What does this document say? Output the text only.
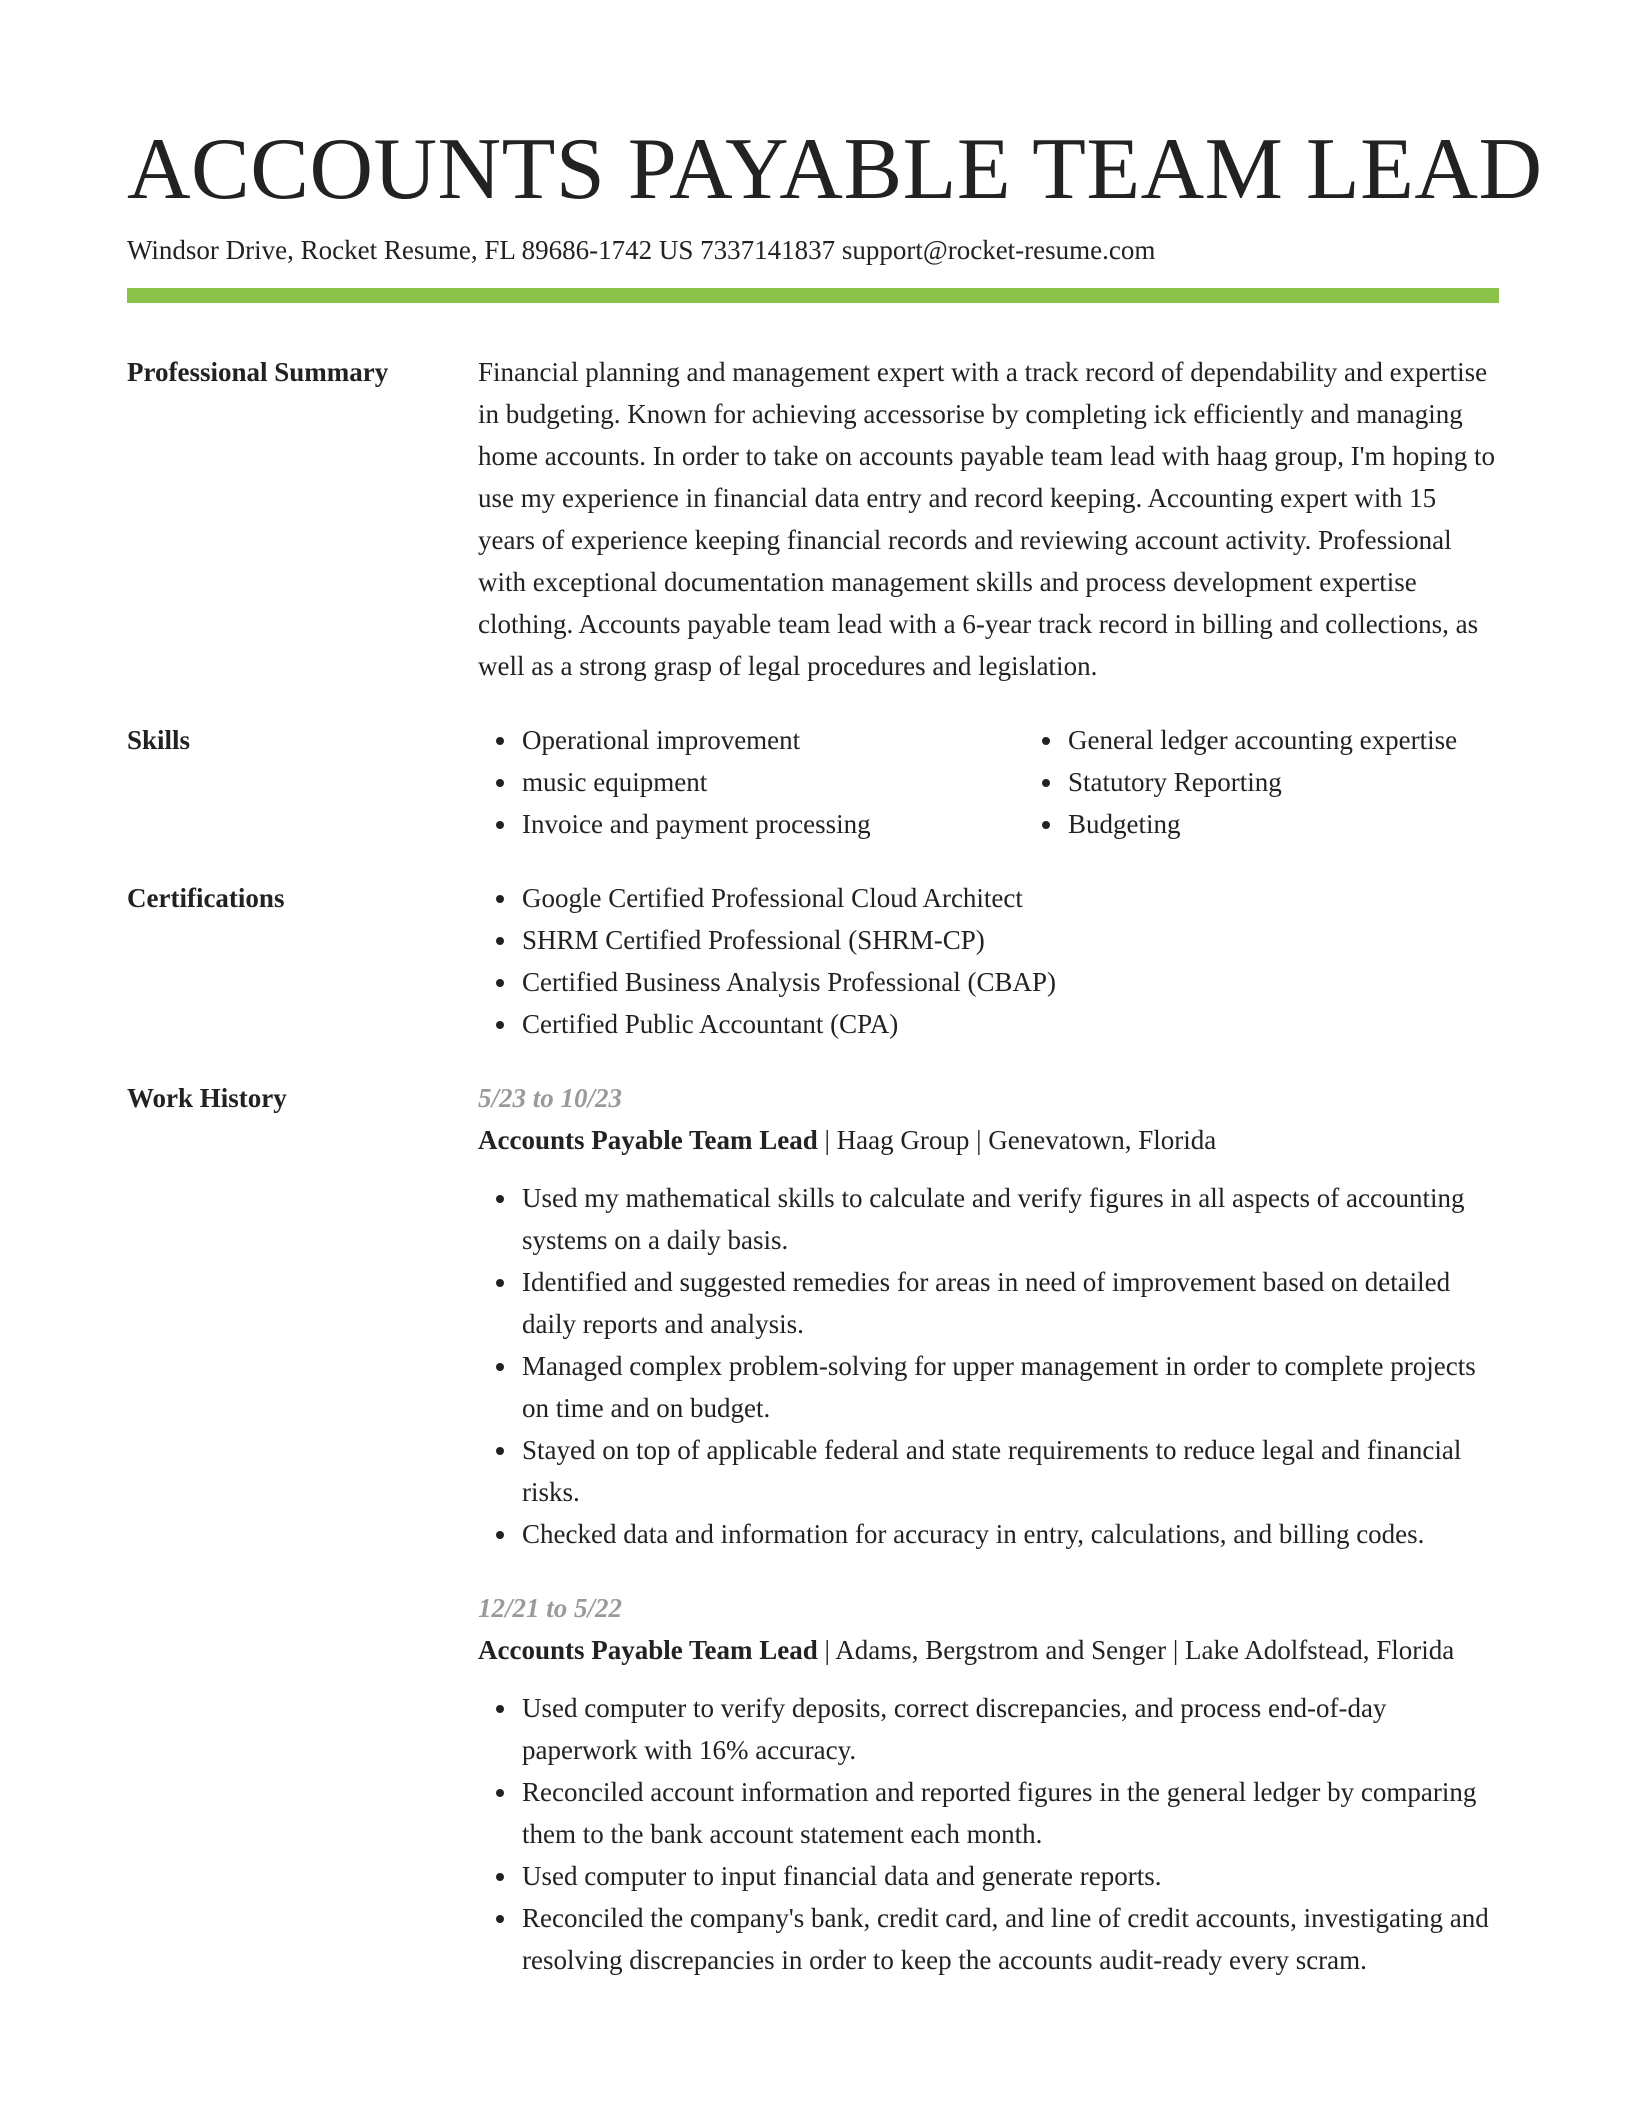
ACCOUNTS PAYABLE TEAM LEAD
Windsor Drive, Rocket Resume, FL 89686-1742 US 7337141837 support@rocket-resume.com
Professional Summary	Financial planning and management expert with a track record of dependability and expertise in budgeting. Known for achieving accessorise by completing ick efficiently and managing home accounts. In order to take on accounts payable team lead with haag group, I'm hoping to use my experience in financial data entry and record keeping. Accounting expert with 15 years of experience keeping financial records and reviewing account activity. Professional with exceptional documentation management skills and process development expertise clothing. Accounts payable team lead with a 6-year track record in billing and collections, as well as a strong grasp of legal procedures and legislation.
Skills	Operational improvement
music equipment
Invoice and payment processing
General ledger accounting expertise
Statutory Reporting
Budgeting
Certifications	Google Certified Professional Cloud Architect
SHRM Certified Professional (SHRM-CP)
Certified Business Analysis Professional (CBAP)
Certified Public Accountant (CPA)
Work History	5/23 to 10/23
Accounts Payable Team Lead | Haag Group | Genevatown, Florida
Used my mathematical skills to calculate and verify figures in all aspects of accounting systems on a daily basis.
Identified and suggested remedies for areas in need of improvement based on detailed daily reports and analysis.
Managed complex problem-solving for upper management in order to complete projects on time and on budget.
Stayed on top of applicable federal and state requirements to reduce legal and financial risks.
Checked data and information for accuracy in entry, calculations, and billing codes.
12/21 to 5/22
Accounts Payable Team Lead | Adams, Bergstrom and Senger | Lake Adolfstead, Florida
Used computer to verify deposits, correct discrepancies, and process end-of-day paperwork with 16% accuracy.
Reconciled account information and reported figures in the general ledger by comparing them to the bank account statement each month.
Used computer to input financial data and generate reports.
Reconciled the company's bank, credit card, and line of credit accounts, investigating and resolving discrepancies in order to keep the accounts audit-ready every scram.
